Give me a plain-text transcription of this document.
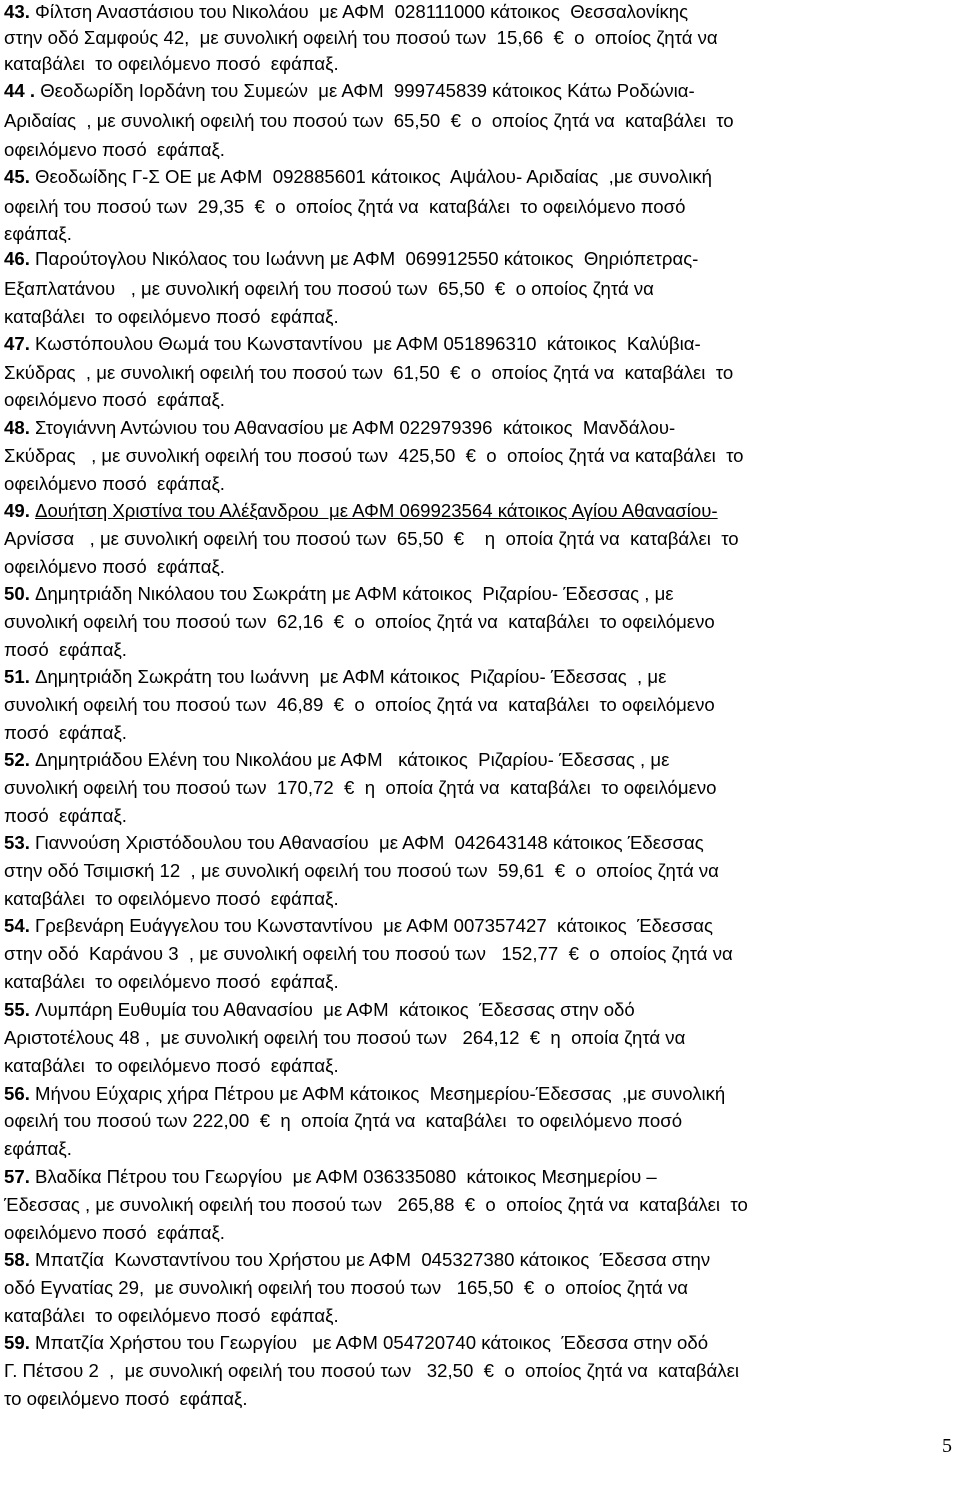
43. Φίλτση Αναστάσιου του Νικολάου  με ΑΦΜ  028111000 κάτοικος  Θεσσαλονίκης
στην οδό Σαμφούς 42,  με συνολική οφειλή του ποσού των  15,66  €  ο  οποίος ζητά να
καταβάλει  το οφειλόμενο ποσό  εφάπαξ.
44 . Θεοδωρίδη Ιορδάνη του Συμεών  με ΑΦΜ  999745839 κάτοικος Κάτω Ροδώνια-
Αριδαίας  , με συνολική οφειλή του ποσού των  65,50  €  ο  οποίος ζητά να  καταβάλει  το
οφειλόμενο ποσό  εφάπαξ.
45. Θεοδωίδης Γ-Σ ΟΕ με ΑΦΜ  092885601 κάτοικος  Αψάλου- Αριδαίας  ,με συνολική
οφειλή του ποσού των  29,35  €  ο  οποίος ζητά να  καταβάλει  το οφειλόμενο ποσό
εφάπαξ.
46. Παρούτογλου Νικόλαος του Ιωάννη με ΑΦΜ  069912550 κάτοικος  Θηριόπετρας-
Εξαπλατάνου   , με συνολική οφειλή του ποσού των  65,50  €  ο οποίος ζητά να
καταβάλει  το οφειλόμενο ποσό  εφάπαξ.
47. Κωστόπουλου Θωμά του Κωνσταντίνου  με ΑΦΜ 051896310  κάτοικος  Καλύβια-
Σκύδρας  , με συνολική οφειλή του ποσού των  61,50  €  ο  οποίος ζητά να  καταβάλει  το
οφειλόμενο ποσό  εφάπαξ.
48. Στογιάννη Αντώνιου του Αθανασίου με ΑΦΜ 022979396  κάτοικος  Μανδάλου-
Σκύδρας   , με συνολική οφειλή του ποσού των  425,50  €  ο  οποίος ζητά να καταβάλει  το
οφειλόμενο ποσό  εφάπαξ.
49. Δουήτση Χριστίνα του Αλέξανδρου  με ΑΦΜ 069923564 κάτοικος Αγίου Αθανασίου-
Αρνίσσα   , με συνολική οφειλή του ποσού των  65,50  €    η  οποία ζητά να  καταβάλει  το
οφειλόμενο ποσό  εφάπαξ.
50. Δημητριάδη Νικόλαου του Σωκράτη με ΑΦΜ κάτοικος  Ριζαρίου- Έδεσσας , με
συνολική οφειλή του ποσού των  62,16  €  ο  οποίος ζητά να  καταβάλει  το οφειλόμενο
ποσό  εφάπαξ.
51. Δημητριάδη Σωκράτη του Ιωάννη  με ΑΦΜ κάτοικος  Ριζαρίου- Έδεσσας  , με
συνολική οφειλή του ποσού των  46,89  €  ο  οποίος ζητά να  καταβάλει  το οφειλόμενο
ποσό  εφάπαξ.
52. Δημητριάδου Ελένη του Νικολάου με ΑΦΜ   κάτοικος  Ριζαρίου- Έδεσσας , με
συνολική οφειλή του ποσού των  170,72  €  η  οποία ζητά να  καταβάλει  το οφειλόμενο
ποσό  εφάπαξ.
53. Γιαννούση Χριστόδουλου του Αθανασίου  με ΑΦΜ  042643148 κάτοικος Έδεσσας
στην οδό Τσιμισκή 12  , με συνολική οφειλή του ποσού των  59,61  €  ο  οποίος ζητά να
καταβάλει  το οφειλόμενο ποσό  εφάπαξ.
54. Γρεβενάρη Ευάγγελου του Κωνσταντίνου  με ΑΦΜ 007357427  κάτοικος  Έδεσσας
στην οδό  Καράνου 3  , με συνολική οφειλή του ποσού των   152,77  €  ο  οποίος ζητά να
καταβάλει  το οφειλόμενο ποσό  εφάπαξ.
55. Λυμπάρη Ευθυμία του Αθανασίου  με ΑΦΜ  κάτοικος  Έδεσσας στην οδό
Αριστοτέλους 48 ,  με συνολική οφειλή του ποσού των   264,12  €  η  οποία ζητά να
καταβάλει  το οφειλόμενο ποσό  εφάπαξ.
56. Μήνου Εύχαρις χήρα Πέτρου με ΑΦΜ κάτοικος  Μεσημερίου-Έδεσσας  ,με συνολική
οφειλή του ποσού των 222,00  €  η  οποία ζητά να  καταβάλει  το οφειλόμενο ποσό
εφάπαξ.
57. Βλαδίκα Πέτρου του Γεωργίου  με ΑΦΜ 036335080  κάτοικος Μεσημερίου –
Έδεσσας , με συνολική οφειλή του ποσού των   265,88  €  ο  οποίος ζητά να  καταβάλει  το
οφειλόμενο ποσό  εφάπαξ.
58. Μπατζία  Κωνσταντίνου του Χρήστου με ΑΦΜ  045327380 κάτοικος  Έδεσσα στην
οδό Εγνατίας 29,  με συνολική οφειλή του ποσού των   165,50  €  ο  οποίος ζητά να
καταβάλει  το οφειλόμενο ποσό  εφάπαξ.
59. Μπατζία Χρήστου του Γεωργίου   με ΑΦΜ 054720740 κάτοικος  Έδεσσα στην οδό
Γ. Πέτσου 2  ,  με συνολική οφειλή του ποσού των   32,50  €  ο  οποίος ζητά να  καταβάλει
το οφειλόμενο ποσό  εφάπαξ.
5
